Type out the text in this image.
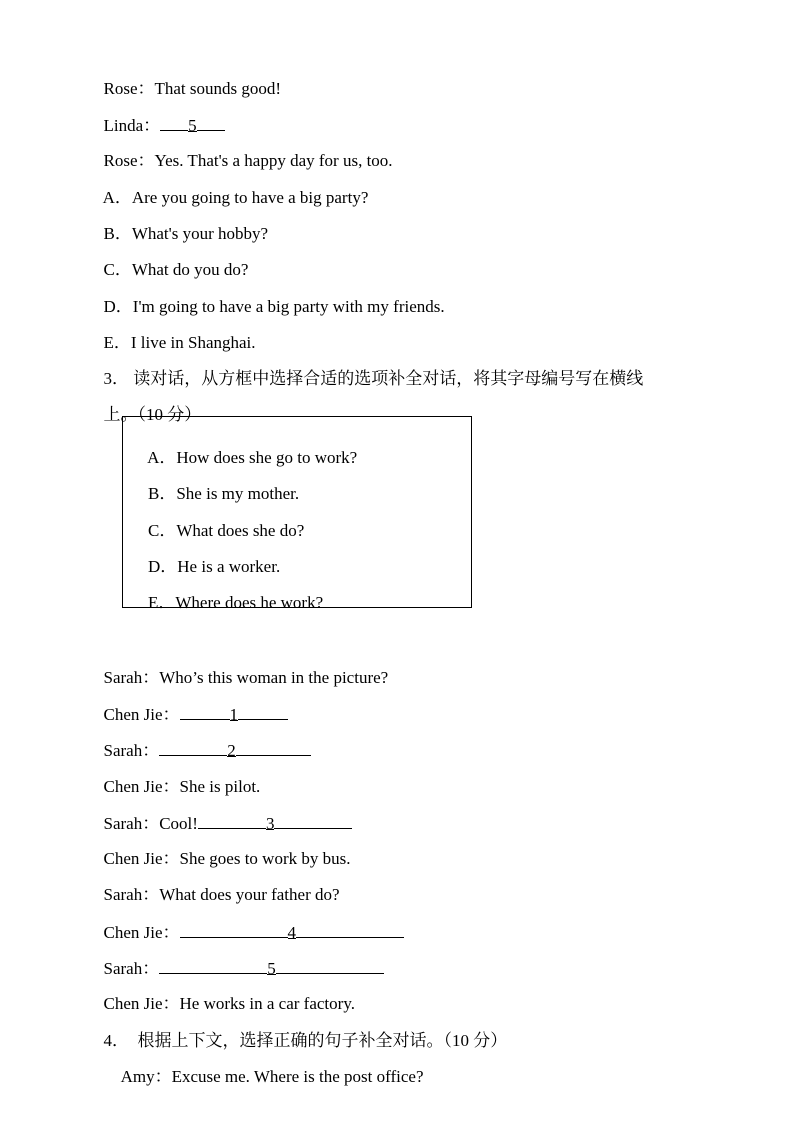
Rose：That sounds good!

Linda： 5

Rose：Yes. That's a happy day for us, too.

A．Are you going to have a big party?

B．What's your hobby?

C．What do you do?

D．I'm going to have a big party with my friends.

E．I live in Shanghai.

3． 读对话，从方框中选择合适的选项补全对话，将其字母编号写在横线

上。（10 分）

A．How does she go to work?

B．She is my mother.

C．What does she do?

D．He is a worker.

E．Where does he work?

Sarah：Who’s this woman in the picture?

Chen Jie：	1

Sarah：	2

Chen Jie：She is pilot.

Sarah：Cool!	3

Chen Jie：She goes to work by bus.

Sarah：What does your father do?

Chen Jie：	4

Sarah：	5

Chen Jie：He works in a car factory.

4． 根据上下文，选择正确的句子补全对话。（10 分）

Amy：Excuse me. Where is the post office?
